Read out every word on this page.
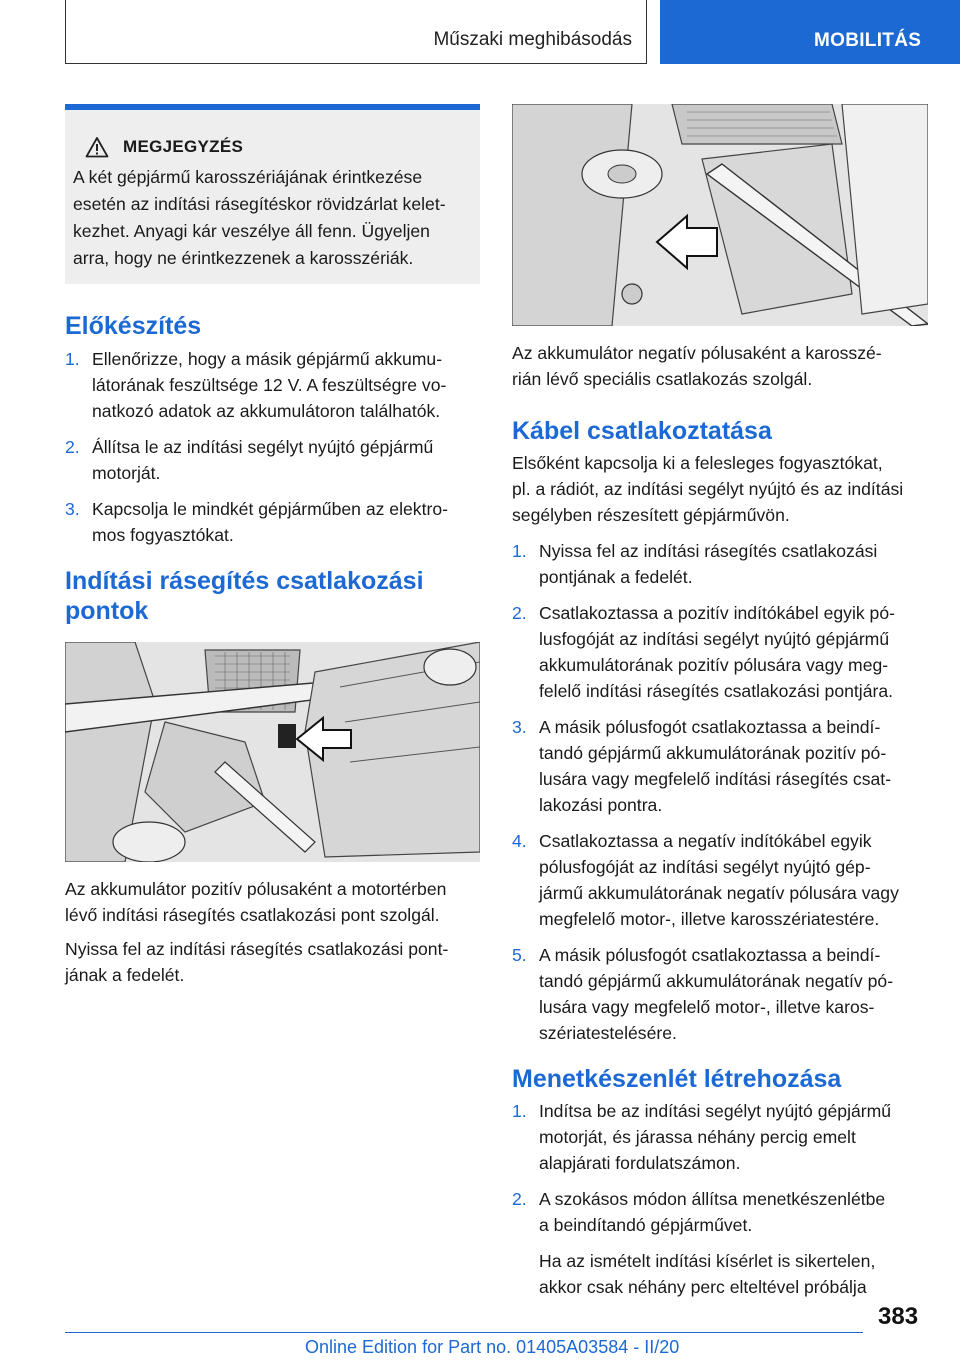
Műszaki meghibásodás	MOBILITÁS
MEGJEGYZÉS
A két gépjármű karosszériájának érintkezése
esetén az indítási rásegítéskor rövidzárlat kelet-
kezhet. Anyagi kár veszélye áll fenn. Ügyeljen
arra, hogy ne érintkezzenek a karosszériák.
Előkészítés
1. Ellenőrizze, hogy a másik gépjármű akkumu-
látorának feszültsége 12 V. A feszültségre vo-
natkozó adatok az akkumulátoron találhatók.
2. Állítsa le az indítási segélyt nyújtó gépjármű
motorját.
3. Kapcsolja le mindkét gépjárműben az elektro-
mos fogyasztókat.
Indítási rásegítés csatlakozási
pontok

Az akkumulátor pozitív pólusaként a motortérben
lévő indítási rásegítés csatlakozási pont szolgál.

Nyissa fel az indítási rásegítés csatlakozási pont-
jának a fedelét.

Az akkumulátor negatív pólusaként a karosszé-
rián lévő speciális csatlakozás szolgál.

Kábel csatlakoztatása

Elsőként kapcsolja ki a felesleges fogyasztókat,
pl. a rádiót, az indítási segélyt nyújtó és az indítási
segélyben részesített gépjárművön.

1. Nyissa fel az indítási rásegítés csatlakozási
pontjának a fedelét.
2. Csatlakoztassa a pozitív indítókábel egyik pó-
lusfogóját az indítási segélyt nyújtó gépjármű
akkumulátorának pozitív pólusára vagy meg-
felelő indítási rásegítés csatlakozási pontjára.
3. A másik pólusfogót csatlakoztassa a beindí-
tandó gépjármű akkumulátorának pozitív pó-
lusára vagy megfelelő indítási rásegítés csat-
lakozási pontra.
4. Csatlakoztassa a negatív indítókábel egyik
pólusfogóját az indítási segélyt nyújtó gép-
jármű akkumulátorának negatív pólusára vagy
megfelelő motor-, illetve karosszériatestére.
5. A másik pólusfogót csatlakoztassa a beindí-
tandó gépjármű akkumulátorának negatív pó-
lusára vagy megfelelő motor-, illetve karos-
szériatestelésére.
Menetkészenlét létrehozása
1. Indítsa be az indítási segélyt nyújtó gépjármű
motorját, és járassa néhány percig emelt
alapjárati fordulatszámon.
2. A szokásos módon állítsa menetkészenlétbe
a beindítandó gépjárművet.
Ha az ismételt indítási kísérlet is sikertelen,
akkor csak néhány perc elteltével próbálja
383
Online Edition for Part no. 01405A03584 - II/20
